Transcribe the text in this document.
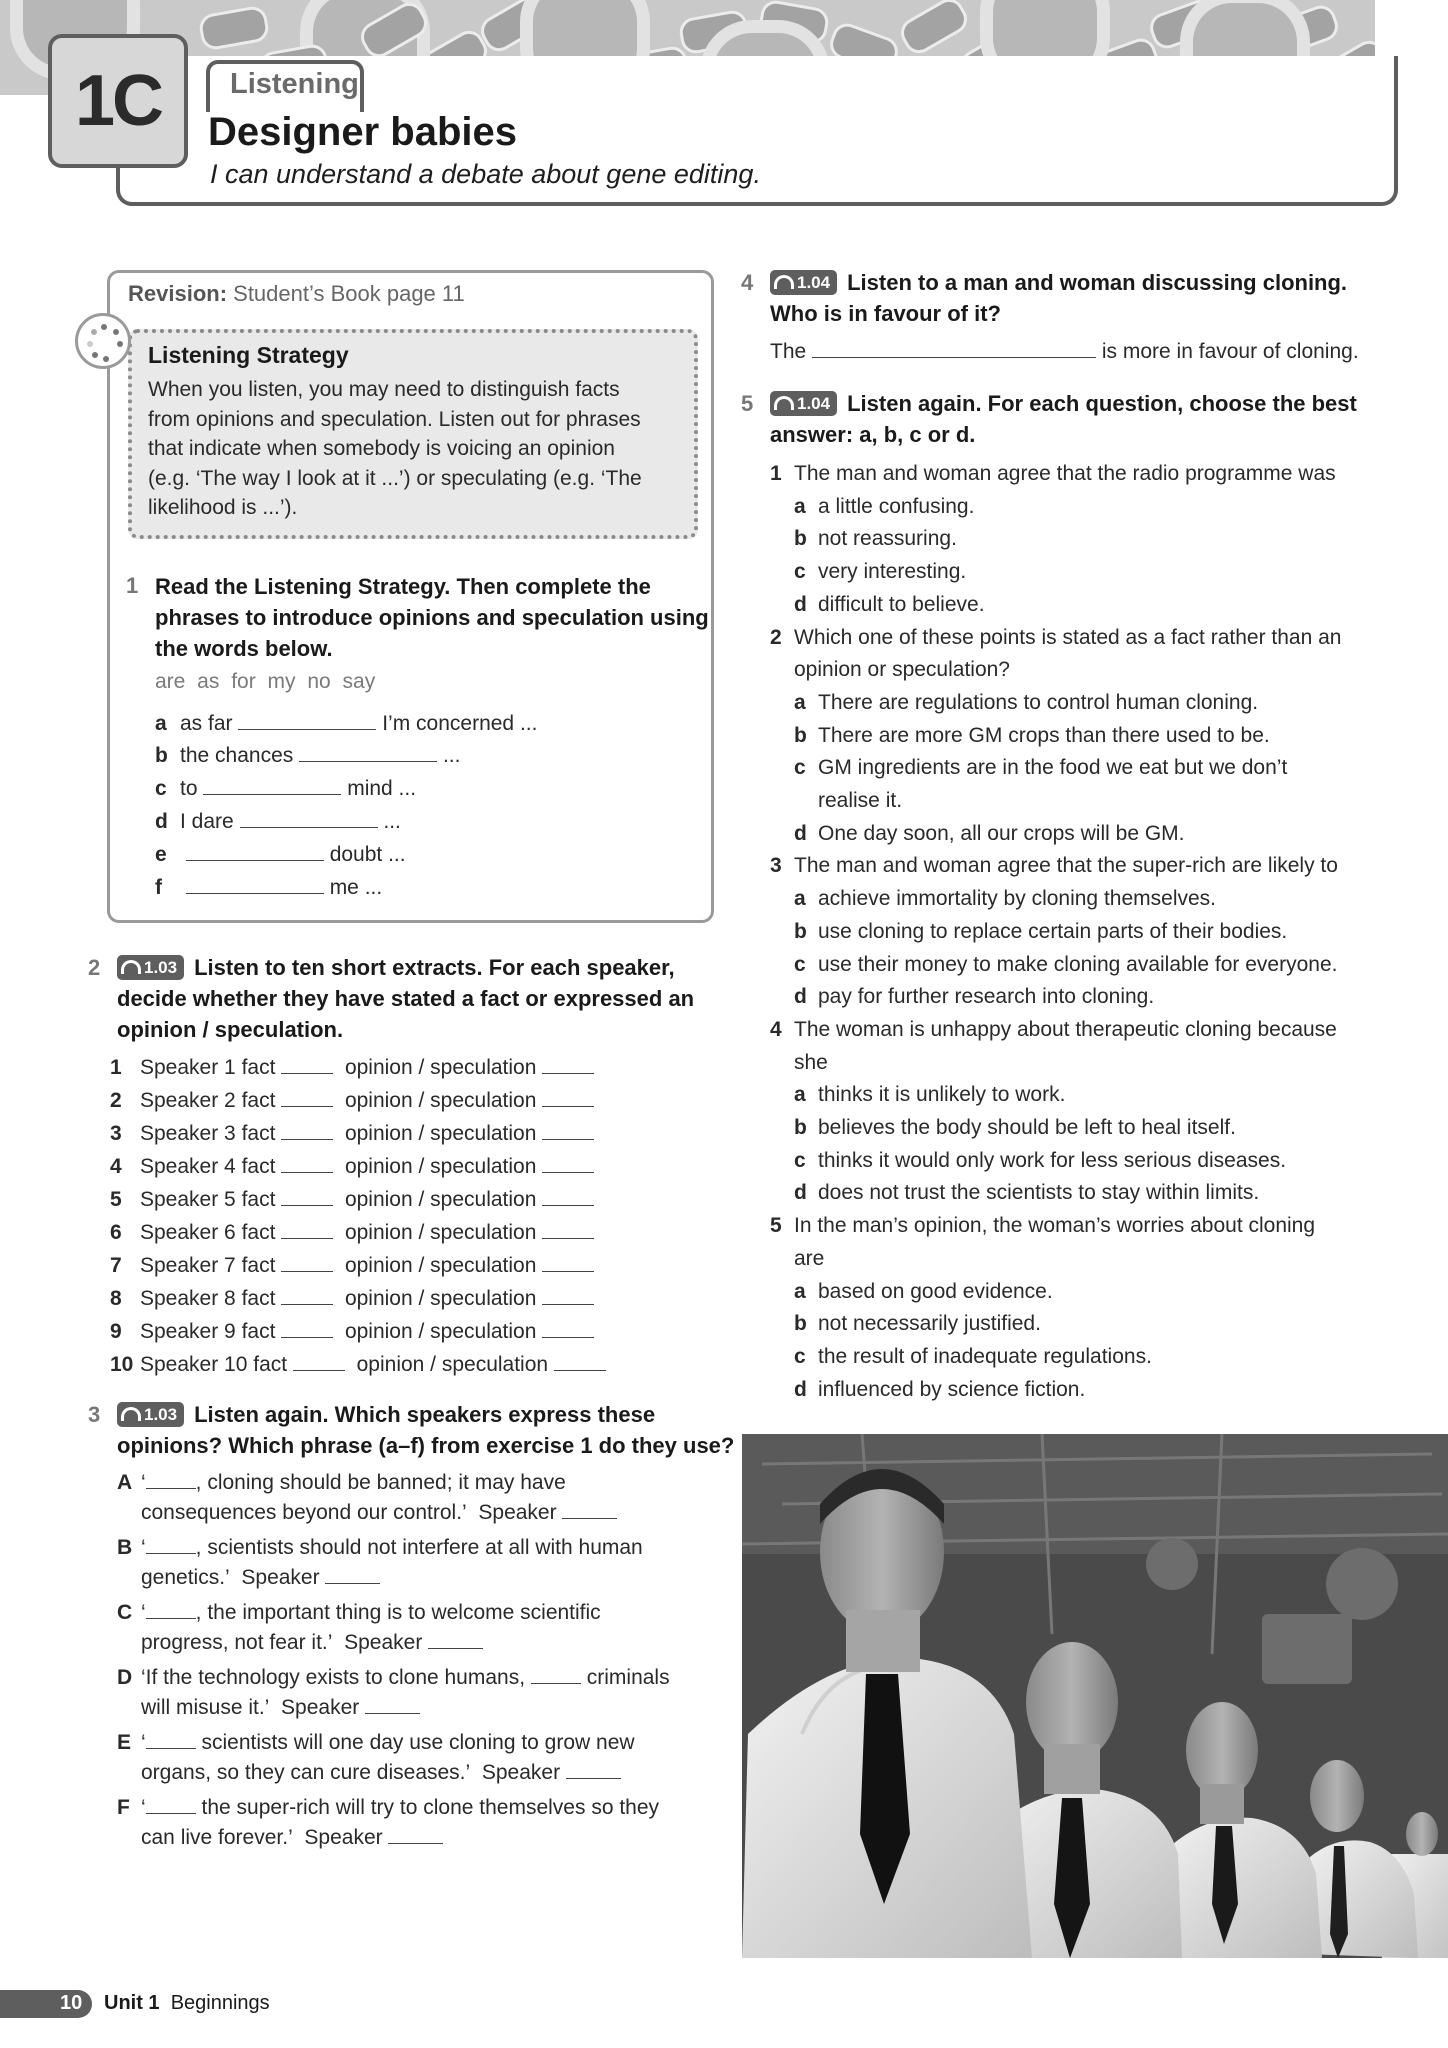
Listening
1C	Designer babies
I can understand a debate about gene editing.
Revision: Student’s Book page 11
Listening Strategy
When you listen, you may need to distinguish facts
from opinions and speculation. Listen out for phrases
that indicate when somebody is voicing an opinion
(e.g. ‘The way I look at it ...’) or speculating (e.g. ‘The
likelihood is ...’).
1 Read the Listening Strategy. Then complete the
phrases to introduce opinions and speculation using
the words below.
are as for my no say
a as far	I’m concerned ...
b the chances	...
c to	mind ...
d I dare	...
e	doubt ...
f	me ...
2	1.03 Listen to ten short extracts. For each speaker,
decide whether they have stated a fact or expressed an
opinion / speculation.
1 Speaker 1 fact	opinion / speculation
2 Speaker 2 fact	opinion / speculation
3 Speaker 3 fact	opinion / speculation
4 Speaker 4 fact	opinion / speculation
5 Speaker 5 fact	opinion / speculation
6 Speaker 6 fact	opinion / speculation
7 Speaker 7 fact	opinion / speculation
8 Speaker 8 fact	opinion / speculation
9 Speaker 9 fact	opinion / speculation
10 Speaker 10 fact	opinion / speculation
3	1.03 Listen again. Which speakers express these
opinions? Which phrase (a–f) from exercise 1 do they use?
A ‘ , cloning should be banned; it may have
consequences beyond our control.’ Speaker
B ‘ , scientists should not interfere at all with human
genetics.’ Speaker
C ‘ , the important thing is to welcome scientific
progress, not fear it.’ Speaker
D ‘If the technology exists to clone humans,	criminals
will misuse it.’ Speaker
E ‘ scientists will one day use cloning to grow new
organs, so they can cure diseases.’ Speaker
F ‘ the super-rich will try to clone themselves so they
can live forever.’ Speaker
4	1.04 Listen to a man and woman discussing cloning.
Who is in favour of it?
The	is more in favour of cloning.
5	1.04 Listen again. For each question, choose the best
answer: a, b, c or d.
1 The man and woman agree that the radio programme was
a a little confusing.
b not reassuring.
c very interesting.
d difficult to believe.
2 Which one of these points is stated as a fact rather than an
opinion or speculation?
a There are regulations to control human cloning.
b There are more GM crops than there used to be.
c GM ingredients are in the food we eat but we don’t
realise it.
d One day soon, all our crops will be GM.
3 The man and woman agree that the super-rich are likely to
a achieve immortality by cloning themselves.
b use cloning to replace certain parts of their bodies.
c use their money to make cloning available for everyone.
d pay for further research into cloning.
4 The woman is unhappy about therapeutic cloning because
she
a thinks it is unlikely to work.
b believes the body should be left to heal itself.
c thinks it would only work for less serious diseases.
d does not trust the scientists to stay within limits.
5 In the man’s opinion, the woman’s worries about cloning
are
a based on good evidence.
b not necessarily justified.
c the result of inadequate regulations.
d influenced by science fiction.
10 Unit 1 Beginnings
